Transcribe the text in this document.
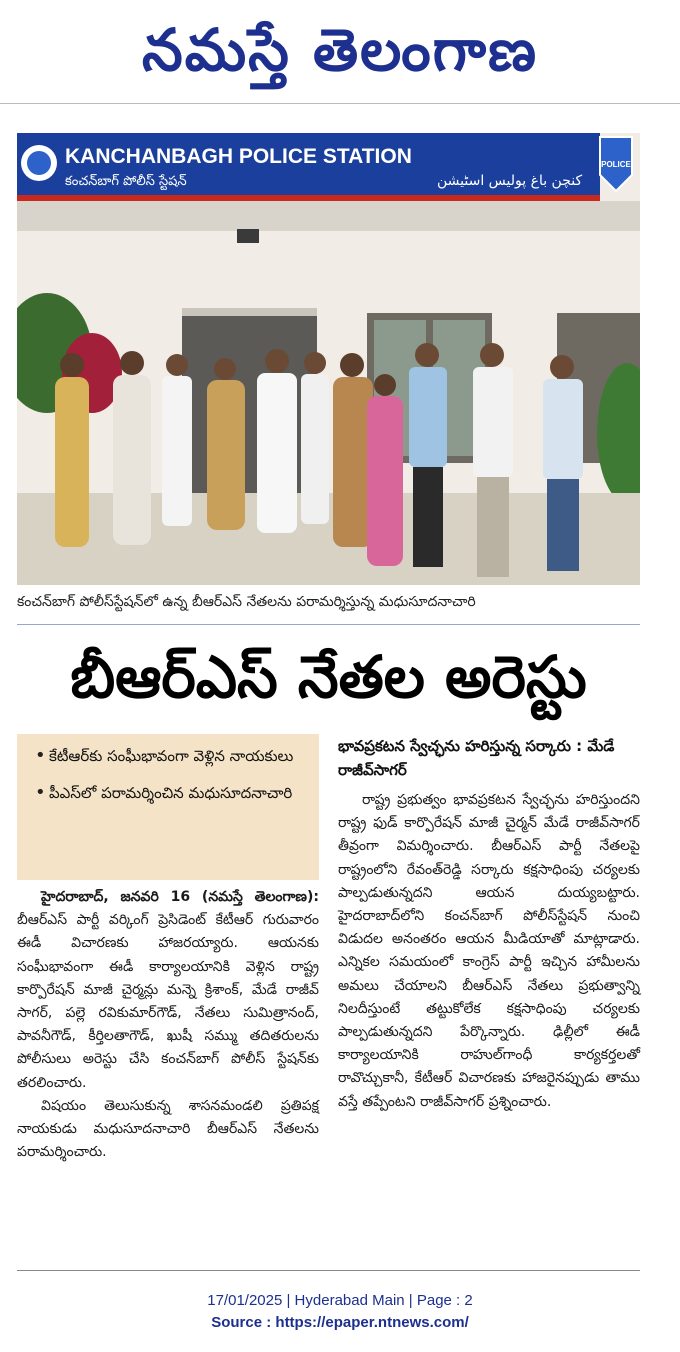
నమస్తే తెలంగాణ
KANCHANBAGH POLICE STATION
కంచన్‌బాగ్ పోలీస్ స్టేషన్	کنچن باغ پولیس اسٹیشن
POLICE
కంచన్‌బాగ్ పోలీస్‌స్టేషన్‌లో ఉన్న బీఆర్‌ఎస్ నేతలను పరామర్శిస్తున్న మధుసూదనాచారి
బీఆర్‌ఎస్ నేతల అరెస్టు
• కేటీఆర్‌కు సంఘీభావంగా వెళ్లిన నాయకులు
• పీఎస్‌లో పరామర్శించిన మధుసూదనాచారి

హైదరాబాద్, జనవరి 16 (నమస్తే తెలంగాణ): బీఆర్‌ఎస్ పార్టీ వర్కింగ్ ప్రెసిడెంట్ కేటీఆర్ గురువారం ఈడీ విచారణకు హాజరయ్యారు. ఆయనకు సంఘీభావంగా ఈడీ కార్యాలయానికి వెళ్లిన రాష్ట్ర కార్పొరేషన్ మాజీ చైర్మన్లు మన్నె క్రిశాంక్, మేడే రాజీవ్ సాగర్, పల్లె రవికుమార్‌గౌడ్, నేతలు సుమిత్రానంద్, పావనీగౌడ్, కీర్తిలతాగౌడ్, ఖుషీ సమ్ము తదితరులను పోలీసులు అరెస్టు చేసి కంచన్‌బాగ్ పోలీస్ స్టేషన్‌కు తరలించారు.

విషయం తెలుసుకున్న శాసనమండలి ప్రతిపక్ష నాయకుడు మధుసూదనాచారి బీఆర్‌ఎస్ నేతలను పరామర్శించారు.

భావప్రకటన స్వేచ్ఛను హరిస్తున్న సర్కారు : మేడే రాజీవ్‌సాగర్

రాష్ట్ర ప్రభుత్వం భావప్రకటన స్వేచ్ఛను హరిస్తుందని రాష్ట్ర ఫుడ్ కార్పొరేషన్ మాజీ చైర్మన్ మేడే రాజీవ్‌సాగర్ తీవ్రంగా విమర్శించారు. బీఆర్‌ఎస్ పార్టీ నేతలపై రాష్ట్రంలోని రేవంత్‌రెడ్డి సర్కారు కక్షసాధింపు చర్యలకు పాల్పడుతున్నదని ఆయన దుయ్యబట్టారు. హైదరాబాద్‌లోని కంచన్‌బాగ్ పోలీస్‌స్టేషన్ నుంచి విడుదల అనంతరం ఆయన మీడియాతో మాట్లాడారు. ఎన్నికల సమయంలో కాంగ్రెస్ పార్టీ ఇచ్చిన హామీలను అమలు చేయాలని బీఆర్‌ఎస్ నేతలు ప్రభుత్వాన్ని నిలదీస్తుంటే తట్టుకోలేక కక్షసాధింపు చర్యలకు పాల్పడుతున్నదని పేర్కొన్నారు. ఢిల్లీలో ఈడీ కార్యాలయానికి రాహుల్‌గాంధీ కార్యకర్తలతో రావొచ్చుకానీ, కేటీఆర్ విచారణకు హాజరైనప్పుడు తాము వస్తే తప్పేంటని రాజీవ్‌సాగర్ ప్రశ్నించారు.

17/01/2025 | Hyderabad Main | Page : 2
Source : https://epaper.ntnews.com/
